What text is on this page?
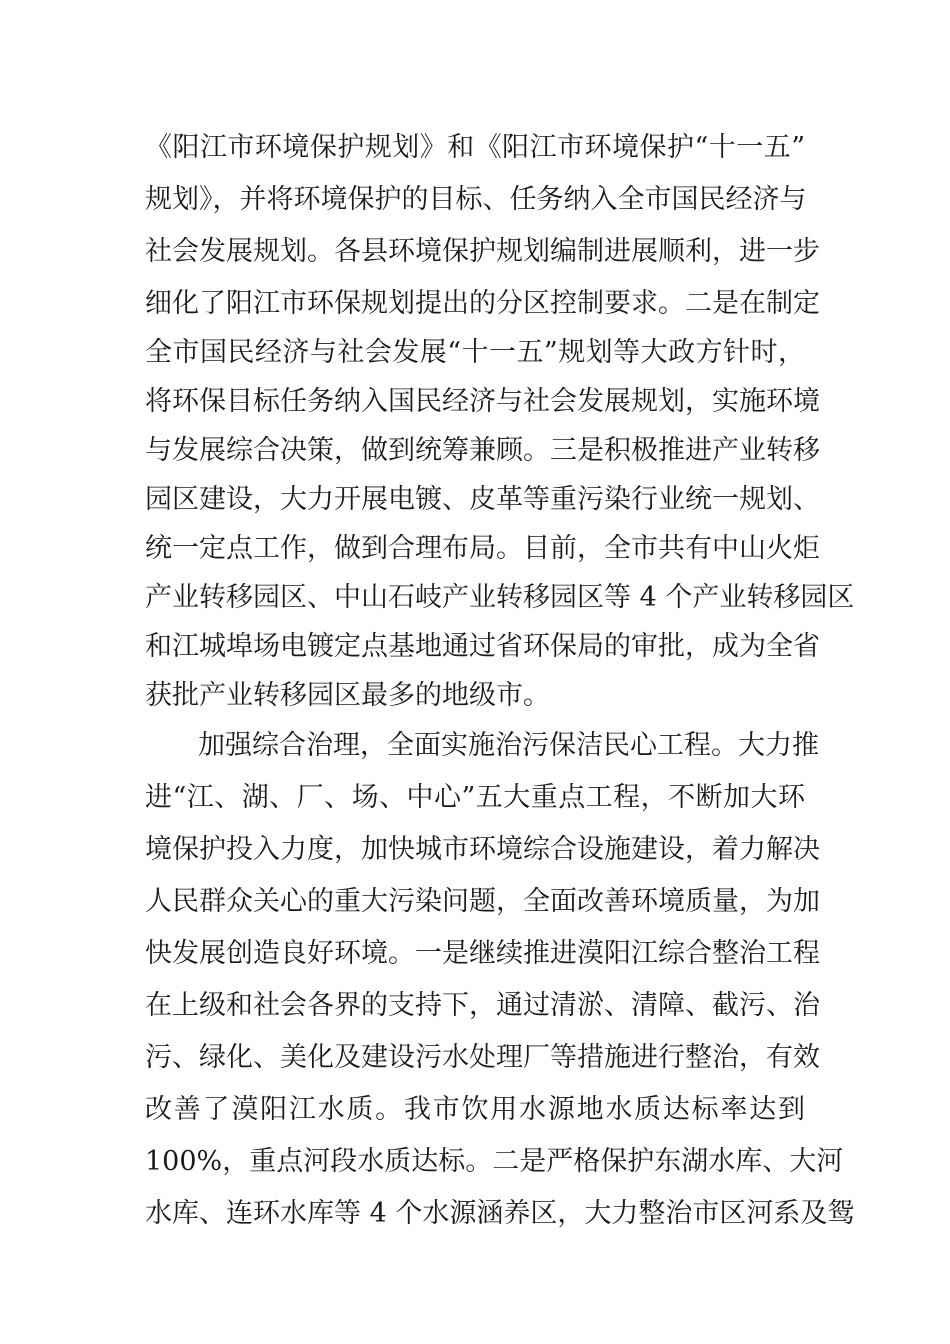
《阳江市环境保护规划》和《阳江市环境保护“十一五”
规划》，并将环境保护的目标、任务纳入全市国民经济与
社会发展规划。各县环境保护规划编制进展顺利，进一步
细化了阳江市环保规划提出的分区控制要求。二是在制定
全市国民经济与社会发展“十一五”规划等大政方针时，
将环保目标任务纳入国民经济与社会发展规划，实施环境
与发展综合决策，做到统筹兼顾。三是积极推进产业转移
园区建设，大力开展电镀、皮革等重污染行业统一规划、
统一定点工作，做到合理布局。目前，全市共有中山火炬
产业转移园区、中山石岐产业转移园区等 4 个产业转移园区
和江城埠场电镀定点基地通过省环保局的审批，成为全省
获批产业转移园区最多的地级市。
加强综合治理，全面实施治污保洁民心工程。大力推
进“江、湖、厂、场、中心”五大重点工程，不断加大环
境保护投入力度，加快城市环境综合设施建设，着力解决
人民群众关心的重大污染问题，全面改善环境质量，为加
快发展创造良好环境。一是继续推进漠阳江综合整治工程
在上级和社会各界的支持下，通过清淤、清障、截污、治
污、绿化、美化及建设污水处理厂等措施进行整治，有效
改善了漠阳江水质。我市饮用水源地水质达标率达到
100%，重点河段水质达标。二是严格保护东湖水库、大河
水库、连环水库等 4 个水源涵养区，大力整治市区河系及鸳
